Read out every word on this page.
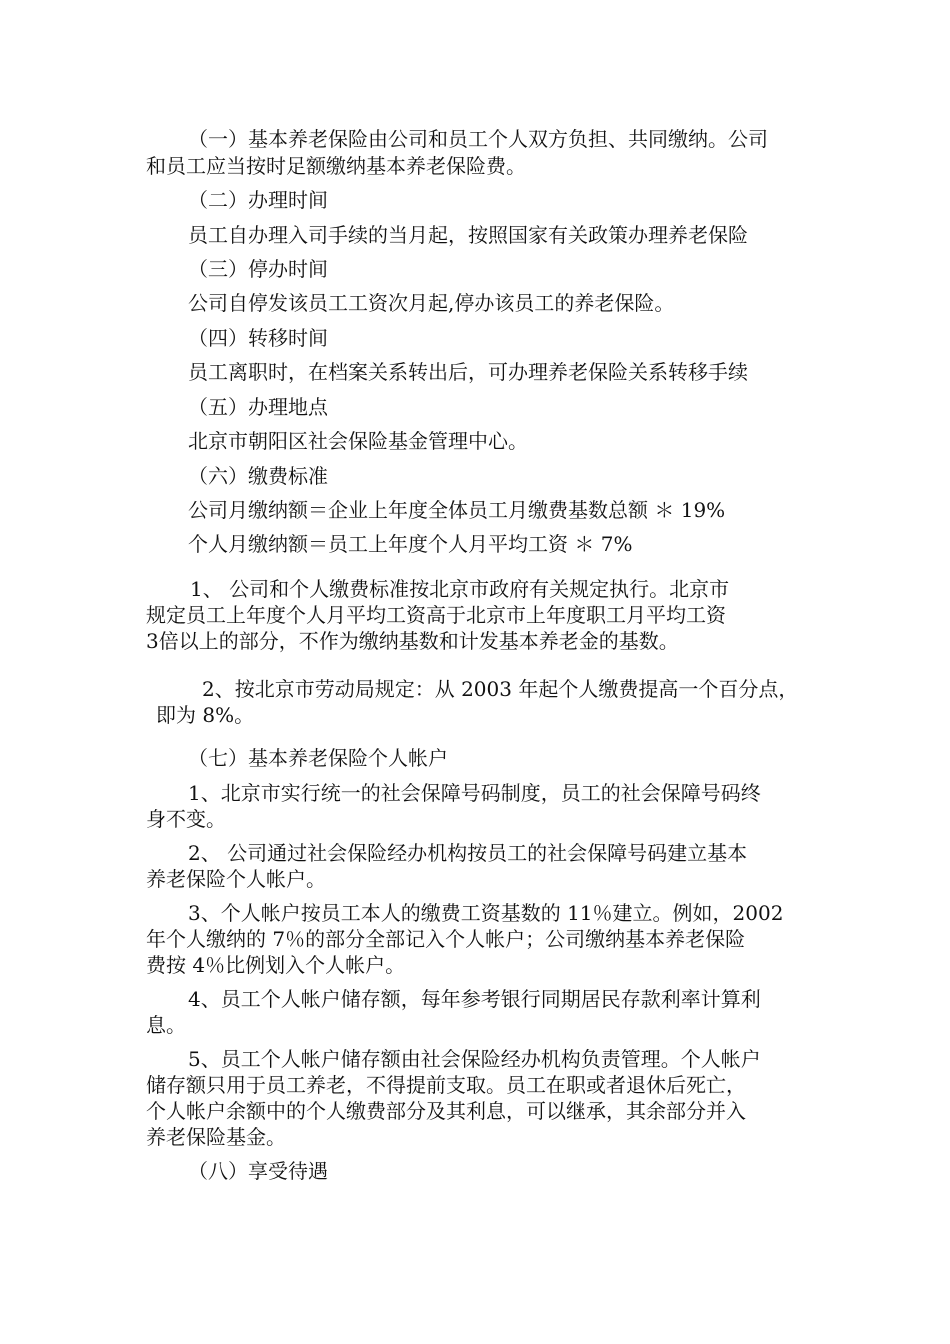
（一）基本养老保险由公司和员工个人双方负担、共同缴纳。公司
和员工应当按时足额缴纳基本养老保险费。
（二）办理时间
员工自办理入司手续的当月起，按照国家有关政策办理养老保险
（三）停办时间
公司自停发该员工工资次月起,停办该员工的养老保险。
（四）转移时间
员工离职时，在档案关系转出后，可办理养老保险关系转移手续
（五）办理地点
北京市朝阳区社会保险基金管理中心。
（六）缴费标准
公司月缴纳额＝企业上年度全体员工月缴费基数总额 ＊ 19%
个人月缴纳额＝员工上年度个人月平均工资 ＊ 7%
1、 公司和个人缴费标准按北京市政府有关规定执行。北京市
规定员工上年度个人月平均工资高于北京市上年度职工月平均工资
3倍以上的部分，不作为缴纳基数和计发基本养老金的基数。
2、按北京市劳动局规定：从 2003 年起个人缴费提高一个百分点，
即为 8%。
（七）基本养老保险个人帐户
1、北京市实行统一的社会保障号码制度，员工的社会保障号码终
身不变。
2、 公司通过社会保险经办机构按员工的社会保障号码建立基本
养老保险个人帐户。
3、个人帐户按员工本人的缴费工资基数的 11％建立。例如，2002
年个人缴纳的 7％的部分全部记入个人帐户；公司缴纳基本养老保险
费按 4％比例划入个人帐户。
4、员工个人帐户储存额，每年参考银行同期居民存款利率计算利
息。
5、员工个人帐户储存额由社会保险经办机构负责管理。个人帐户
储存额只用于员工养老，不得提前支取。员工在职或者退休后死亡，
个人帐户余额中的个人缴费部分及其利息，可以继承，其余部分并入
养老保险基金。
（八）享受待遇
